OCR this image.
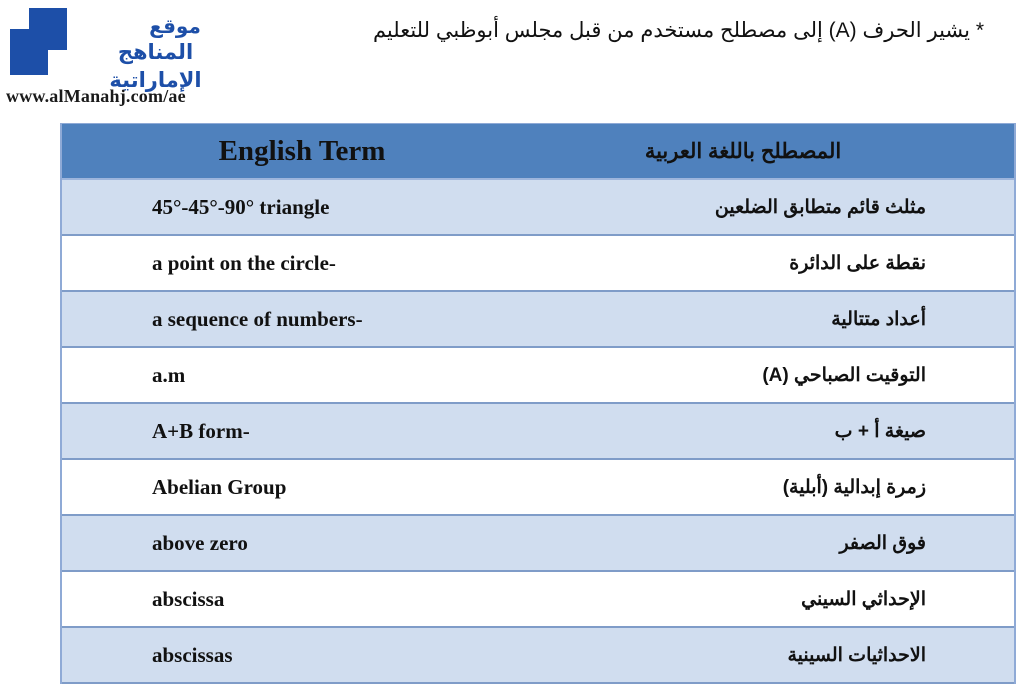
موقع
المناهج الإماراتية
www.alManahj.com/ae
* يشير الحرف (A) إلى مصطلح مستخدم من قبل مجلس أبوظبي للتعليم
English Term	المصطلح باللغة العربية
45°-45°-90° triangle	مثلث قائم متطابق الضلعين
a point on the circle-	نقطة على الدائرة
a sequence of numbers-	أعداد متتالية
a.m	التوقيت الصباحي (A)
A+B form-	صيغة أ + ب
Abelian Group	زمرة إبدالية (أبلية)
above zero	فوق الصفر
abscissa	الإحداثي السيني
abscissas	الاحداثيات السينية
